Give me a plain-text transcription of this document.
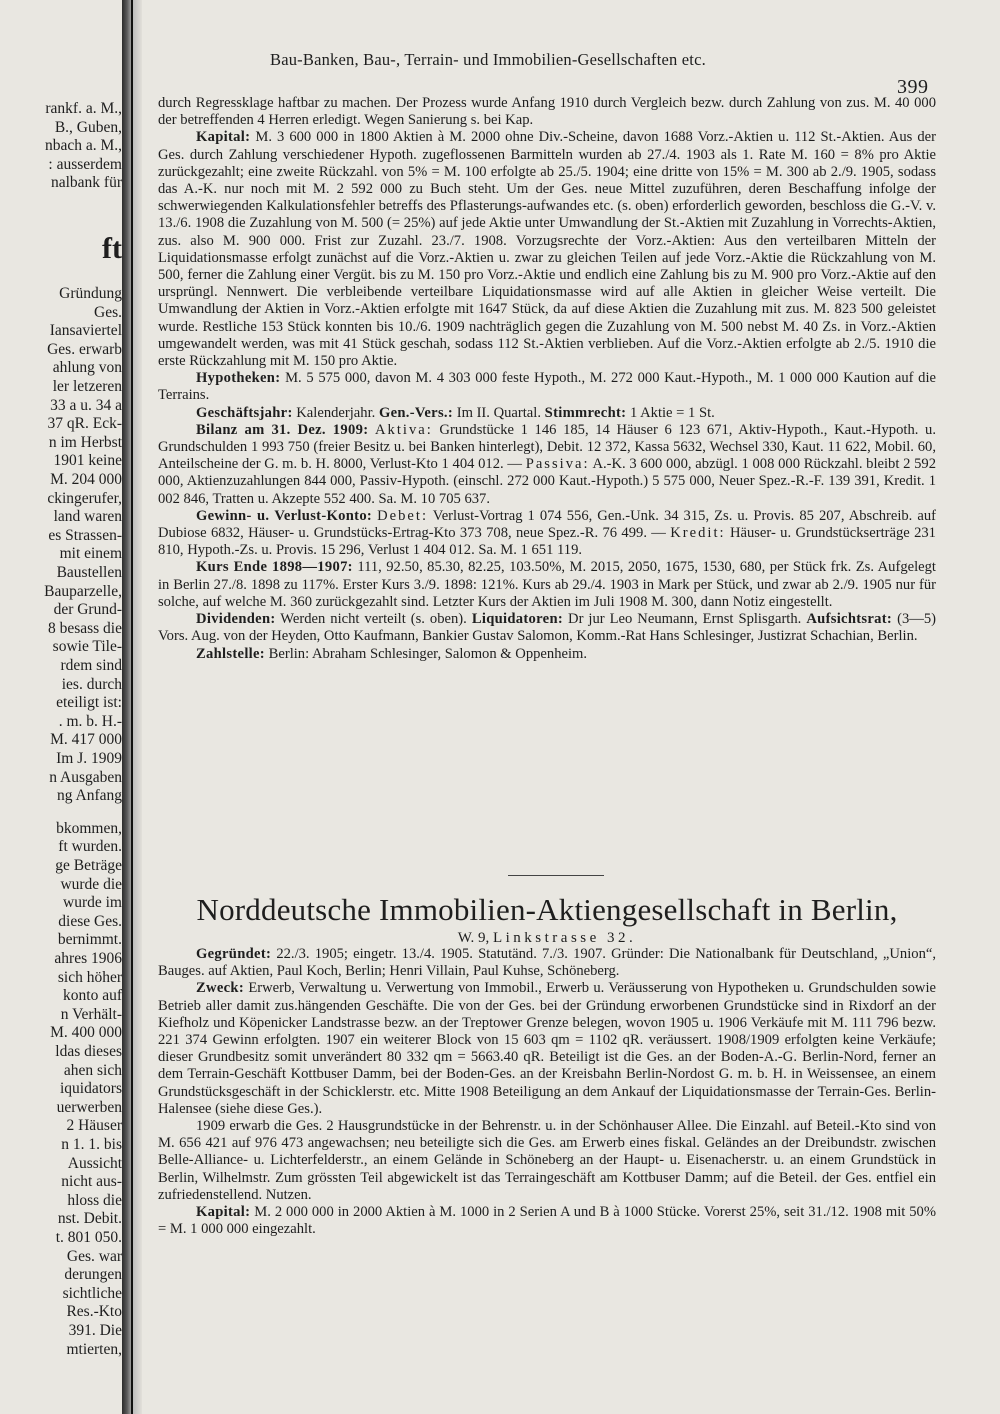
rankf. a. M.,
B., Guben,
nbach a. M.,
: ausserdem
nalbank für
ft
Gründung
Ges.
Iansaviertel
Ges. erwarb
ahlung von
ler letzeren
33 a u. 34 a
37 qR. Eck-
n im Herbst
1901 keine
M. 204 000
ckingerufer,
land waren
es Strassen-
mit einem
Baustellen
Bauparzelle,
der Grund-
8 besass die
sowie Tile-
rdem sind
ies. durch
eteiligt ist:
. m. b. H.-
M. 417 000
Im J. 1909
n Ausgaben
ng Anfang
bkommen,
ft wurden.
ge Beträge
wurde die
wurde im
diese Ges.
bernimmt.
ahres 1906
sich höher
konto auf
n Verhält-
M. 400 000
ldas dieses
ahen sich
iquidators
uerwerben
2 Häuser
n 1. 1. bis
Aussicht
nicht aus-
hloss die
nst. Debit.
t. 801 050.
Ges. war
derungen
sichtliche
Res.-Kto
391. Die
mtierten,
Bau-Banken, Bau-, Terrain- und Immobilien-Gesellschaften etc.
399

durch Regressklage haftbar zu machen. Der Prozess wurde Anfang 1910 durch Vergleich bezw. durch Zahlung von zus. M. 40 000 der betreffenden 4 Herren erledigt. Wegen Sanierung s. bei Kap.

Kapital: M. 3 600 000 in 1800 Aktien à M. 2000 ohne Div.-Scheine, davon 1688 Vorz.-Aktien u. 112 St.-Aktien. Aus der Ges. durch Zahlung verschiedener Hypoth. zugeflossenen Barmitteln wurden ab 27./4. 1903 als 1. Rate M. 160 = 8% pro Aktie zurückgezahlt; eine zweite Rückzahl. von 5% = M. 100 erfolgte ab 25./5. 1904; eine dritte von 15% = M. 300 ab 2./9. 1905, sodass das A.-K. nur noch mit M. 2 592 000 zu Buch steht. Um der Ges. neue Mittel zuzuführen, deren Beschaffung infolge der schwerwiegenden Kalkulationsfehler betreffs des Pflasterungs-aufwandes etc. (s. oben) erforderlich geworden, beschloss die G.-V. v. 13./6. 1908 die Zuzahlung von M. 500 (= 25%) auf jede Aktie unter Umwandlung der St.-Aktien mit Zuzahlung in Vorrechts-Aktien, zus. also M. 900 000. Frist zur Zuzahl. 23./7. 1908. Vorzugsrechte der Vorz.-Aktien: Aus den verteilbaren Mitteln der Liquidationsmasse erfolgt zunächst auf die Vorz.-Aktien u. zwar zu gleichen Teilen auf jede Vorz.-Aktie die Rückzahlung von M. 500, ferner die Zahlung einer Vergüt. bis zu M. 150 pro Vorz.-Aktie und endlich eine Zahlung bis zu M. 900 pro Vorz.-Aktie auf den ursprüngl. Nennwert. Die verbleibende verteilbare Liquidationsmasse wird auf alle Aktien in gleicher Weise verteilt. Die Umwandlung der Aktien in Vorz.-Aktien erfolgte mit 1647 Stück, da auf diese Aktien die Zuzahlung mit zus. M. 823 500 geleistet wurde. Restliche 153 Stück konnten bis 10./6. 1909 nachträglich gegen die Zuzahlung von M. 500 nebst M. 40 Zs. in Vorz.-Aktien umgewandelt werden, was mit 41 Stück geschah, sodass 112 St.-Aktien verblieben. Auf die Vorz.-Aktien erfolgte ab 2./5. 1910 die erste Rückzahlung mit M. 150 pro Aktie.

Hypotheken: M. 5 575 000, davon M. 4 303 000 feste Hypoth., M. 272 000 Kaut.-Hypoth., M. 1 000 000 Kaution auf die Terrains.

Geschäftsjahr: Kalenderjahr. Gen.-Vers.: Im II. Quartal. Stimmrecht: 1 Aktie = 1 St.

Bilanz am 31. Dez. 1909: Aktiva: Grundstücke 1 146 185, 14 Häuser 6 123 671, Aktiv-Hypoth., Kaut.-Hypoth. u. Grundschulden 1 993 750 (freier Besitz u. bei Banken hinterlegt), Debit. 12 372, Kassa 5632, Wechsel 330, Kaut. 11 622, Mobil. 60, Anteilscheine der G. m. b. H. 8000, Verlust-Kto 1 404 012. — Passiva: A.-K. 3 600 000, abzügl. 1 008 000 Rückzahl. bleibt 2 592 000, Aktienzuzahlungen 844 000, Passiv-Hypoth. (einschl. 272 000 Kaut.-Hypoth.) 5 575 000, Neuer Spez.-R.-F. 139 391, Kredit. 1 002 846, Tratten u. Akzepte 552 400. Sa. M. 10 705 637.

Gewinn- u. Verlust-Konto: Debet: Verlust-Vortrag 1 074 556, Gen.-Unk. 34 315, Zs. u. Provis. 85 207, Abschreib. auf Dubiose 6832, Häuser- u. Grundstücks-Ertrag-Kto 373 708, neue Spez.-R. 76 499. — Kredit: Häuser- u. Grundstückserträge 231 810, Hypoth.-Zs. u. Provis. 15 296, Verlust 1 404 012. Sa. M. 1 651 119.

Kurs Ende 1898—1907: 111, 92.50, 85.30, 82.25, 103.50%, M. 2015, 2050, 1675, 1530, 680, per Stück frk. Zs. Aufgelegt in Berlin 27./8. 1898 zu 117%. Erster Kurs 3./9. 1898: 121%. Kurs ab 29./4. 1903 in Mark per Stück, und zwar ab 2./9. 1905 nur für solche, auf welche M. 360 zurückgezahlt sind. Letzter Kurs der Aktien im Juli 1908 M. 300, dann Notiz eingestellt.

Dividenden: Werden nicht verteilt (s. oben). Liquidatoren: Dr jur Leo Neumann, Ernst Splisgarth. Aufsichtsrat: (3—5) Vors. Aug. von der Heyden, Otto Kaufmann, Bankier Gustav Salomon, Komm.-Rat Hans Schlesinger, Justizrat Schachian, Berlin.

Zahlstelle: Berlin: Abraham Schlesinger, Salomon & Oppenheim.

Norddeutsche Immobilien-Aktiengesellschaft in Berlin,
W. 9, Linkstrasse 32.

Gegründet: 22./3. 1905; eingetr. 13./4. 1905. Statutänd. 7./3. 1907. Gründer: Die Nationalbank für Deutschland, „Union“, Bauges. auf Aktien, Paul Koch, Berlin; Henri Villain, Paul Kuhse, Schöneberg.

Zweck: Erwerb, Verwaltung u. Verwertung von Immobil., Erwerb u. Veräusserung von Hypotheken u. Grundschulden sowie Betrieb aller damit zus.hängenden Geschäfte. Die von der Ges. bei der Gründung erworbenen Grundstücke sind in Rixdorf an der Kiefholz und Köpenicker Landstrasse bezw. an der Treptower Grenze belegen, wovon 1905 u. 1906 Verkäufe mit M. 111 796 bezw. 221 374 Gewinn erfolgten. 1907 ein weiterer Block von 15 603 qm = 1102 qR. veräussert. 1908/1909 erfolgten keine Verkäufe; dieser Grundbesitz somit unverändert 80 332 qm = 5663.40 qR. Beteiligt ist die Ges. an der Boden-A.-G. Berlin-Nord, ferner an dem Terrain-Geschäft Kottbuser Damm, bei der Boden-Ges. an der Kreisbahn Berlin-Nordost G. m. b. H. in Weissensee, an einem Grundstücksgeschäft in der Schicklerstr. etc. Mitte 1908 Beteiligung an dem Ankauf der Liquidationsmasse der Terrain-Ges. Berlin-Halensee (siehe diese Ges.).

1909 erwarb die Ges. 2 Hausgrundstücke in der Behrenstr. u. in der Schönhauser Allee. Die Einzahl. auf Beteil.-Kto sind von M. 656 421 auf 976 473 angewachsen; neu beteiligte sich die Ges. am Erwerb eines fiskal. Geländes an der Dreibundstr. zwischen Belle-Alliance- u. Lichterfelderstr., an einem Gelände in Schöneberg an der Haupt- u. Eisenacherstr. u. an einem Grundstück in Berlin, Wilhelmstr. Zum grössten Teil abgewickelt ist das Terraingeschäft am Kottbuser Damm; auf die Beteil. der Ges. entfiel ein zufriedenstellend. Nutzen.

Kapital: M. 2 000 000 in 2000 Aktien à M. 1000 in 2 Serien A und B à 1000 Stücke. Vorerst 25%, seit 31./12. 1908 mit 50% = M. 1 000 000 eingezahlt.
